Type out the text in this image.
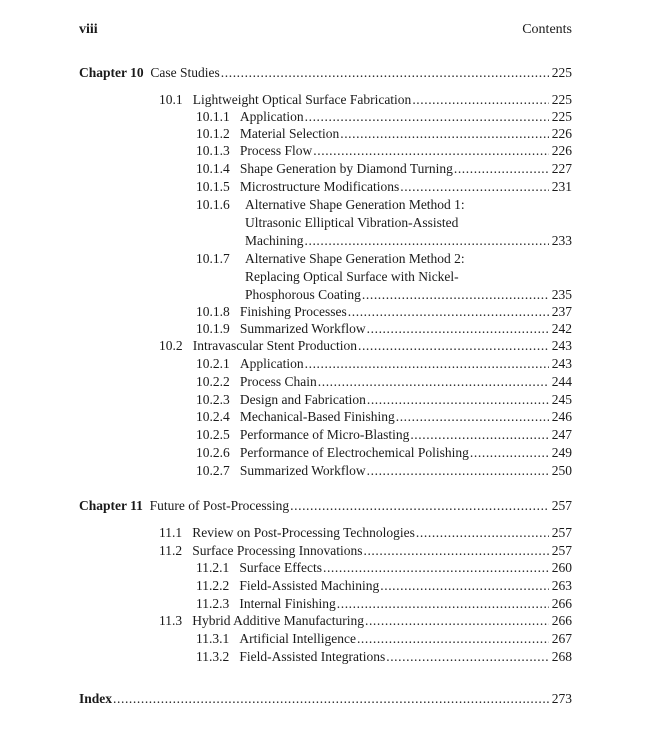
viii	Contents
Chapter 10 Case Studies .....	225
10.1 Lightweight Optical Surface Fabrication .....	225
10.1.1 Application .....	225
10.1.2 Material Selection .....	226
10.1.3 Process Flow .....	226
10.1.4 Shape Generation by Diamond Turning .....	227
10.1.5 Microstructure Modifications .....	231
10.1.6 Alternative Shape Generation Method 1:
Ultrasonic Elliptical Vibration-Assisted
Machining .....	233
10.1.7 Alternative Shape Generation Method 2:
Replacing Optical Surface with Nickel-
Phosphorous Coating .....	235
10.1.8 Finishing Processes .....	237
10.1.9 Summarized Workflow .....	242
10.2 Intravascular Stent Production .....	243
10.2.1 Application .....	243
10.2.2 Process Chain .....	244
10.2.3 Design and Fabrication .....	245
10.2.4 Mechanical-Based Finishing .....	246
10.2.5 Performance of Micro-Blasting .....	247
10.2.6 Performance of Electrochemical Polishing .....	249
10.2.7 Summarized Workflow .....	250
Chapter 11 Future of Post-Processing .....	257
11.1 Review on Post-Processing Technologies .....	257
11.2 Surface Processing Innovations .....	257
11.2.1 Surface Effects .....	260
11.2.2 Field-Assisted Machining .....	263
11.2.3 Internal Finishing .....	266
11.3 Hybrid Additive Manufacturing .....	266
11.3.1 Artificial Intelligence .....	267
11.3.2 Field-Assisted Integrations .....	268
Index .....	273
